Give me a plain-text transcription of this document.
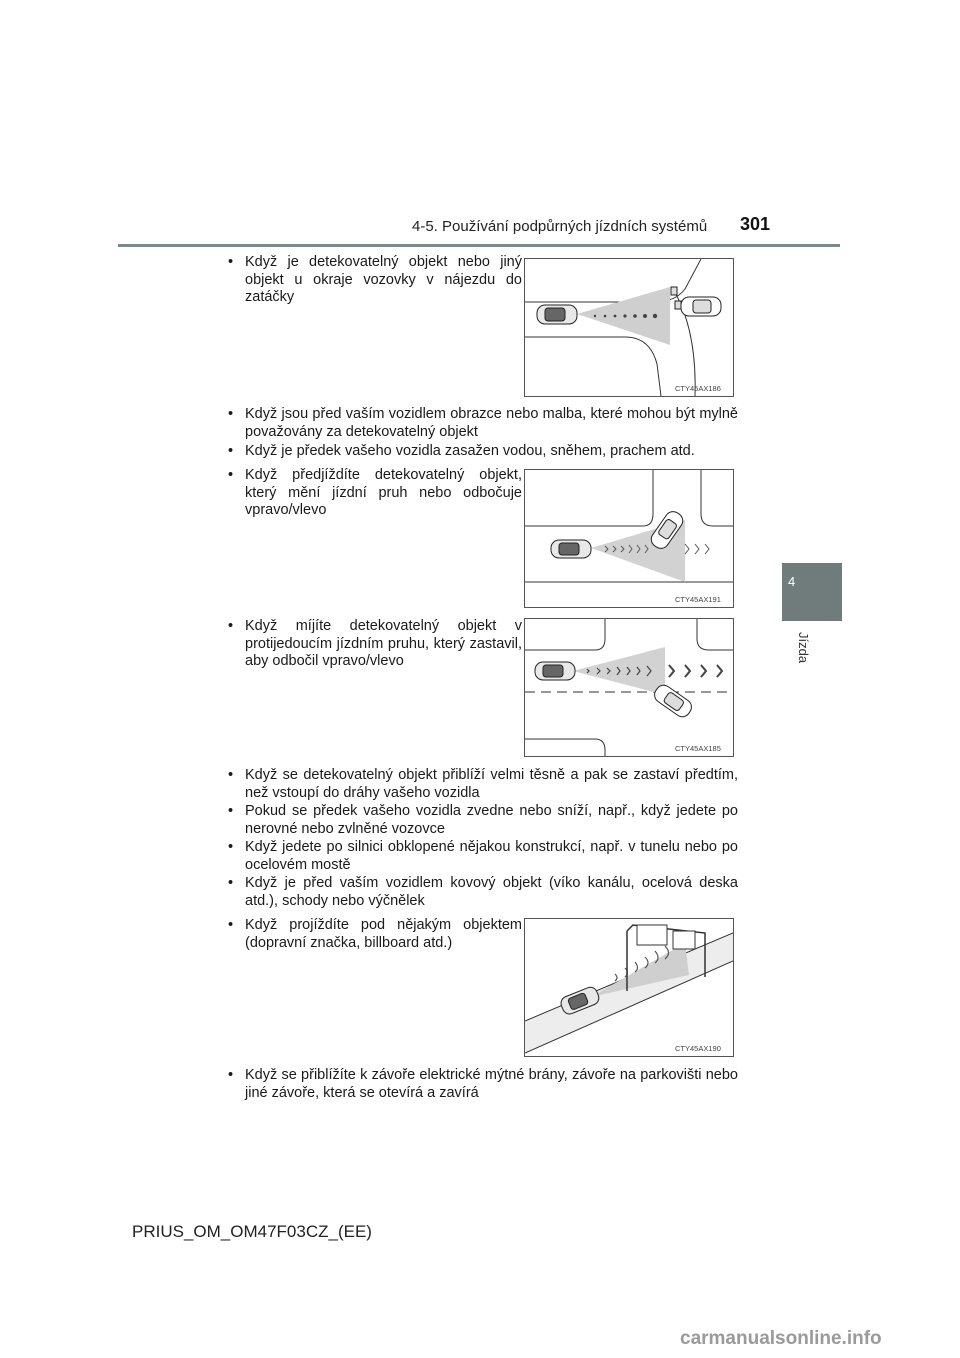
4-5. Používání podpůrných jízdních systémů 301
4
Jízda
• Když je detekovatelný objekt nebo jiný objekt u okraje vozovky v nájezdu do zatáčky
CTY45AX186
• Když jsou před vaším vozidlem obrazce nebo malba, které mohou být mylně považovány za detekovatelný objekt
• Když je předek vašeho vozidla zasažen vodou, sněhem, prachem atd.
• Když předjíždíte detekovatelný objekt, který mění jízdní pruh nebo odbočuje vpravo/vlevo
CTY45AX191
• Když míjíte detekovatelný objekt v protijedoucím jízdním pruhu, který zastavil, aby odbočil vpravo/vlevo
CTY45AX185
• Když se detekovatelný objekt přiblíží velmi těsně a pak se zastaví předtím, než vstoupí do dráhy vašeho vozidla
• Pokud se předek vašeho vozidla zvedne nebo sníží, např., když jedete po nerovné nebo zvlněné vozovce
• Když jedete po silnici obklopené nějakou konstrukcí, např. v tunelu nebo po ocelovém mostě
• Když je před vaším vozidlem kovový objekt (víko kanálu, ocelová deska atd.), schody nebo výčnělek
• Když projíždíte pod nějakým objektem (dopravní značka, billboard atd.)
CTY45AX190
• Když se přiblížíte k závoře elektrické mýtné brány, závoře na parkovišti nebo jiné závoře, která se otevírá a zavírá
PRIUS_OM_OM47F03CZ_(EE)
carmanualsonline.info
